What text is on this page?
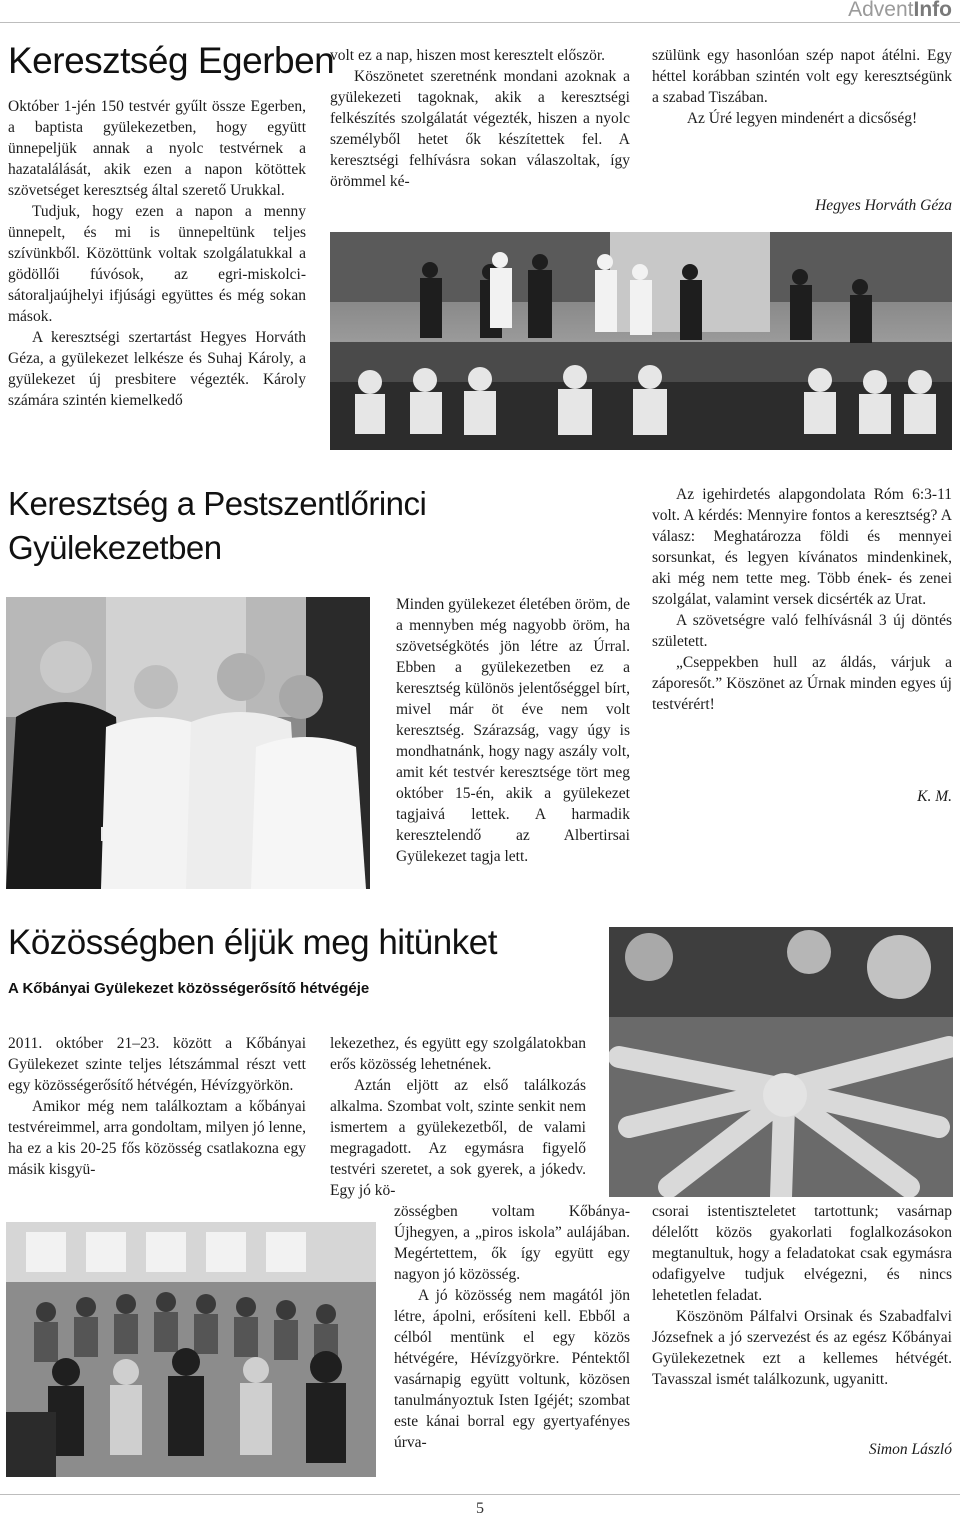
AdventInfo
Keresztség Egerben

Október 1-jén 150 testvér gyűlt össze Egerben, a baptista gyülekezetben, hogy együtt ünnepeljük annak a nyolc testvérnek a hazatalálását, akik ezen a napon kötöttek szövetséget keresztség által szerető Urukkal.

Tudjuk, hogy ezen a napon a menny ünnepelt, és mi is ünnepeltünk teljes szívünkből. Közöttünk voltak szolgálatukkal a gödöllői fúvósok, az egri-miskolci-sátoraljaújhelyi ifjúsági együttes és még sokan mások.

A keresztségi szertartást Hegyes Horváth Géza, a gyülekezet lelkésze és Suhaj Károly, a gyülekezet új presbitere végezték. Károly számára szintén kiemelkedő

volt ez a nap, hiszen most keresztelt először.

Köszönetet szeretnénk mondani azoknak a gyülekezeti tagoknak, akik a keresztségi felkészítés szolgálatát végezték, hiszen a nyolc személyből hetet ők készítettek fel. A keresztségi felhívásra sokan válaszoltak, így örömmel ké-

szülünk egy hasonlóan szép napot átélni. Egy héttel korábban szintén volt egy keresztségünk a szabad Tiszában.

Az Úré legyen mindenért a dicsőség!

Hegyes Horváth Géza
Keresztség a Pestszentlőrinci
Gyülekezetben

Minden gyülekezet életében öröm, de a mennyben még nagyobb öröm, ha szövetségkötés jön létre az Úrral. Ebben a gyülekezetben ez a keresztség különös jelentőséggel bírt, mivel már öt éve nem volt keresztség. Szárazság, vagy úgy is mondhatnánk, hogy nagy aszály volt, amit két testvér keresztsége tört meg október 15-én, akik a gyülekezet tagjaivá lettek. A harmadik keresztelendő az Albertirsai Gyülekezet tagja lett.

Az igehirdetés alapgondolata Róm 6:3-11 volt. A kérdés: Mennyire fontos a keresztség? A válasz: Meghatározza földi és mennyei sorsunkat, és legyen kívánatos mindenkinek, aki még nem tette meg. Több ének- és zenei szolgálat, valamint versek dicsérték az Urat.

A szövetségre való felhívásnál 3 új döntés született.

„Cseppekben hull az áldás, várjuk a záporesőt.” Köszönet az Úrnak minden egyes új testvérért!

K. M.
Közösségben éljük meg hitünket
A Kőbányai Gyülekezet közösségerősítő hétvégéje

2011. október 21–23. között a Kőbányai Gyülekezet szinte teljes létszámmal részt vett egy közösségerősítő hétvégén, Hévízgyörkön.

Amikor még nem találkoztam a kőbányai testvéreimmel, arra gondoltam, milyen jó lenne, ha ez a kis 20-25 fős közösség csatlakozna egy másik kisgyü-

lekezethez, és együtt egy szolgálatokban erős közösség lehetnének.

Aztán eljött az első találkozás alkalma. Szombat volt, szinte senkit nem ismertem a gyülekezetből, de valami megragadott. Az egymásra figyelő testvéri szeretet, a sok gyerek, a jókedv. Egy jó kö-

zösségben voltam Kőbánya-Újhegyen, a „piros iskola” aulájában. Megértettem, ők így együtt egy nagyon jó közösség.

A jó közösség nem magától jön létre, ápolni, erősíteni kell. Ebből a célból mentünk el egy közös hétvégére, Hévízgyörkre. Péntektől vasárnapig együtt voltunk, közösen tanulmányoztuk Isten Igéjét; szombat este kánai borral egy gyertyafényes úrva-

csorai istentiszteletet tartottunk; vasárnap délelőtt közös gyakorlati foglalkozásokon megtanultuk, hogy a feladatokat csak egymásra odafigyelve tudjuk elvégezni, és nincs lehetetlen feladat.

Köszönöm Pálfalvi Orsinak és Szabadfalvi Józsefnek a jó szervezést és az egész Kőbányai Gyülekezetnek ezt a kellemes hétvégét. Tavasszal ismét találkozunk, ugyanitt.

Simon László
5
